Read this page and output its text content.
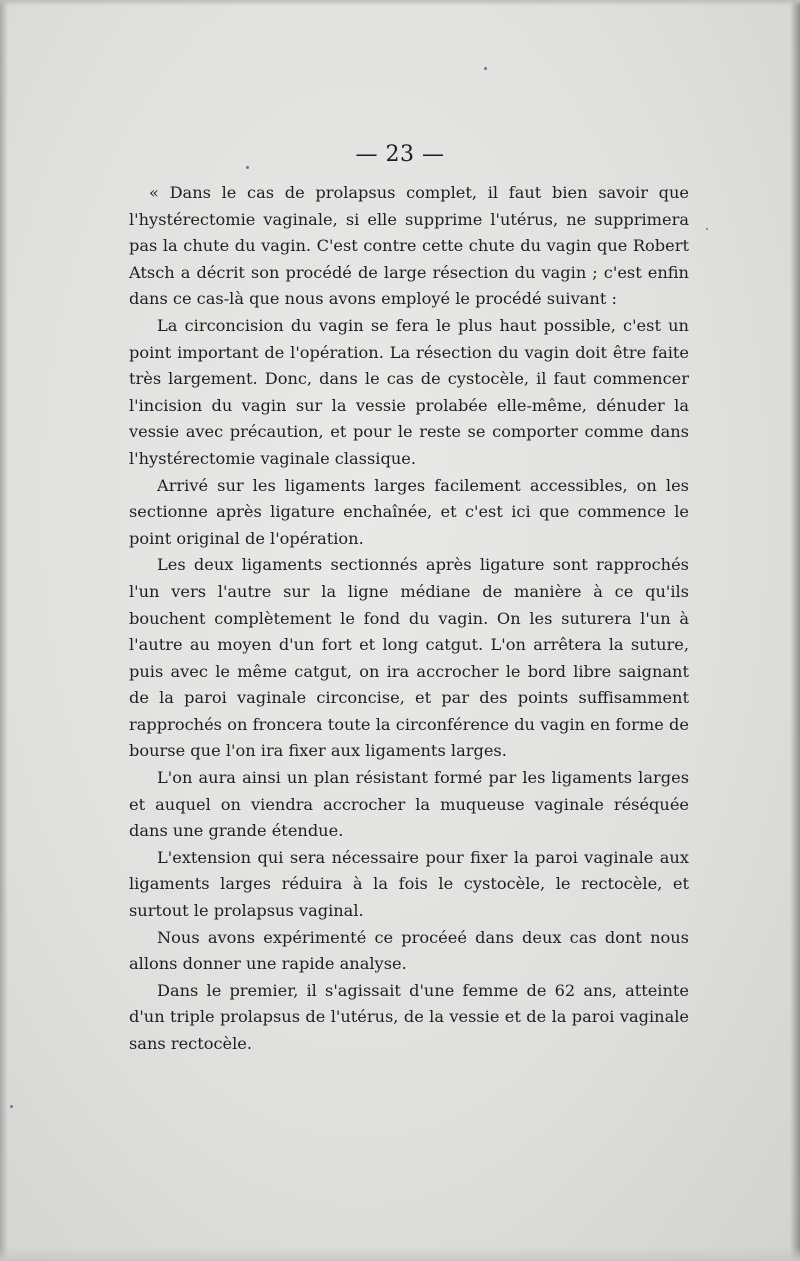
— 23 —

« Dans le cas de prolapsus complet, il faut bien savoir que l'hystérectomie vaginale, si elle supprime l'utérus, ne supprimera pas la chute du vagin. C'est contre cette chute du vagin que Robert Atsch a décrit son procédé de large résection du vagin ; c'est enfin dans ce cas-là que nous avons employé le procédé suivant :

La circoncision du vagin se fera le plus haut possible, c'est un point important de l'opération. La résection du vagin doit être faite très largement. Donc, dans le cas de cystocèle, il faut commencer l'incision du vagin sur la vessie prolabée elle-même, dénuder la vessie avec précaution, et pour le reste se comporter comme dans l'hystérectomie vaginale classique.

Arrivé sur les ligaments larges facilement accessibles, on les sectionne après ligature enchaînée, et c'est ici que commence le point original de l'opération.

Les deux ligaments sectionnés après ligature sont rapprochés l'un vers l'autre sur la ligne médiane de manière à ce qu'ils bouchent complètement le fond du vagin. On les suturera l'un à l'autre au moyen d'un fort et long catgut. L'on arrêtera la suture, puis avec le même catgut, on ira accrocher le bord libre saignant de la paroi vaginale circoncise, et par des points suffisamment rapprochés on froncera toute la circonférence du vagin en forme de bourse que l'on ira fixer aux ligaments larges.

L'on aura ainsi un plan résistant formé par les ligaments larges et auquel on viendra accrocher la muqueuse vaginale réséquée dans une grande étendue.

L'extension qui sera nécessaire pour fixer la paroi vaginale aux ligaments larges réduira à la fois le cystocèle, le rectocèle, et surtout le prolapsus vaginal.

Nous avons expérimenté ce procéeé dans deux cas dont nous allons donner une rapide analyse.

Dans le premier, il s'agissait d'une femme de 62 ans, atteinte d'un triple prolapsus de l'utérus, de la vessie et de la paroi vaginale sans rectocèle.
